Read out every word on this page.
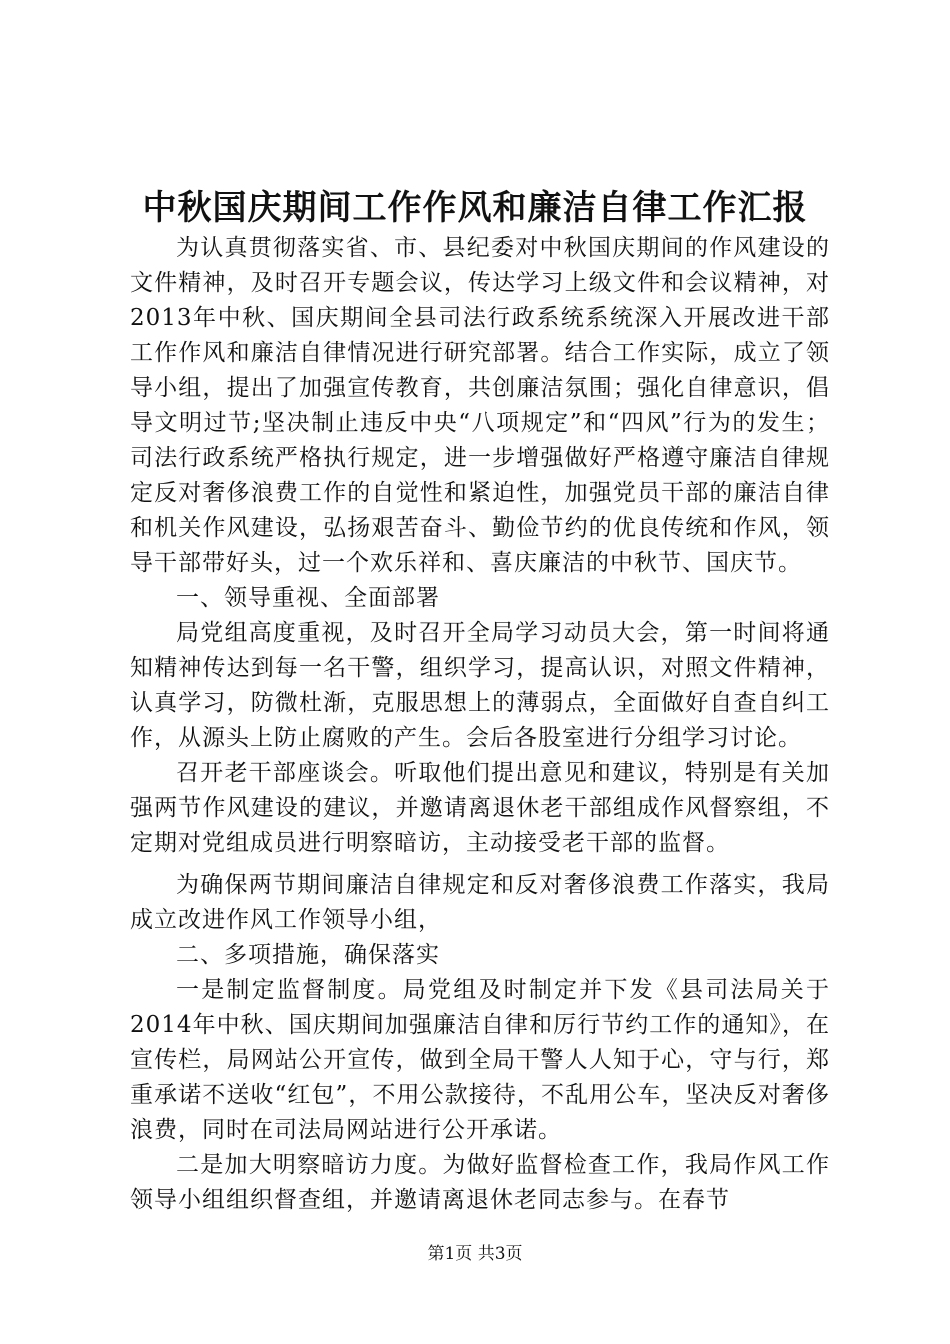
中秋国庆期间工作作风和廉洁自律工作汇报

为认真贯彻落实省、市、县纪委对中秋国庆期间的作风建设的文件精神，及时召开专题会议，传达学习上级文件和会议精神，对2013年中秋、国庆期间全县司法行政系统系统深入开展改进干部工作作风和廉洁自律情况进行研究部署。结合工作实际，成立了领导小组，提出了加强宣传教育，共创廉洁氛围；强化自律意识，倡导文明过节;坚决制止违反中央“八项规定”和“四风”行为的发生；司法行政系统严格执行规定，进一步增强做好严格遵守廉洁自律规定反对奢侈浪费工作的自觉性和紧迫性，加强党员干部的廉洁自律和机关作风建设，弘扬艰苦奋斗、勤俭节约的优良传统和作风，领导干部带好头，过一个欢乐祥和、喜庆廉洁的中秋节、国庆节。

一、领导重视、全面部署

局党组高度重视，及时召开全局学习动员大会，第一时间将通知精神传达到每一名干警，组织学习，提高认识，对照文件精神，认真学习，防微杜渐，克服思想上的薄弱点，全面做好自查自纠工作，从源头上防止腐败的产生。会后各股室进行分组学习讨论。

召开老干部座谈会。听取他们提出意见和建议，特别是有关加强两节作风建设的建议，并邀请离退休老干部组成作风督察组，不定期对党组成员进行明察暗访，主动接受老干部的监督。

为确保两节期间廉洁自律规定和反对奢侈浪费工作落实，我局成立改进作风工作领导小组，

二、多项措施，确保落实

一是制定监督制度。局党组及时制定并下发《县司法局关于2014年中秋、国庆期间加强廉洁自律和厉行节约工作的通知》，在宣传栏，局网站公开宣传，做到全局干警人人知于心，守与行，郑重承诺不送收“红包”，不用公款接待，不乱用公车，坚决反对奢侈浪费，同时在司法局网站进行公开承诺。

二是加大明察暗访力度。为做好监督检查工作，我局作风工作领导小组组织督查组，并邀请离退休老同志参与。在春节

第1页 共3页
